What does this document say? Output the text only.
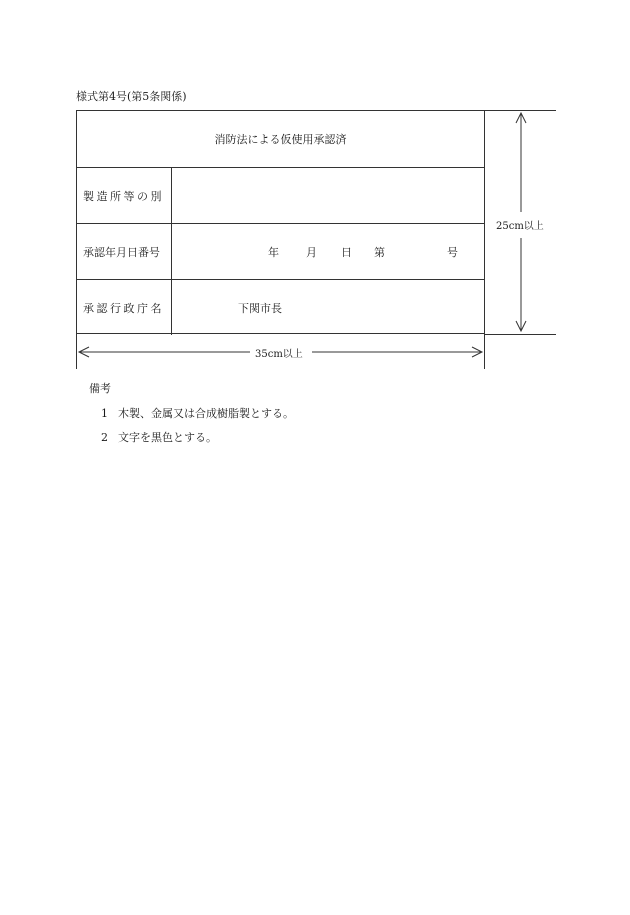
様式第4号(第5条関係)
消防法による仮使用承認済
製造所等の別
承認年月日番号	年 月 日 第	号
承認行政庁名	下関市長
25cm以上
35cm以上
備考
1 木製、金属又は合成樹脂製とする。
2 文字を黒色とする。
